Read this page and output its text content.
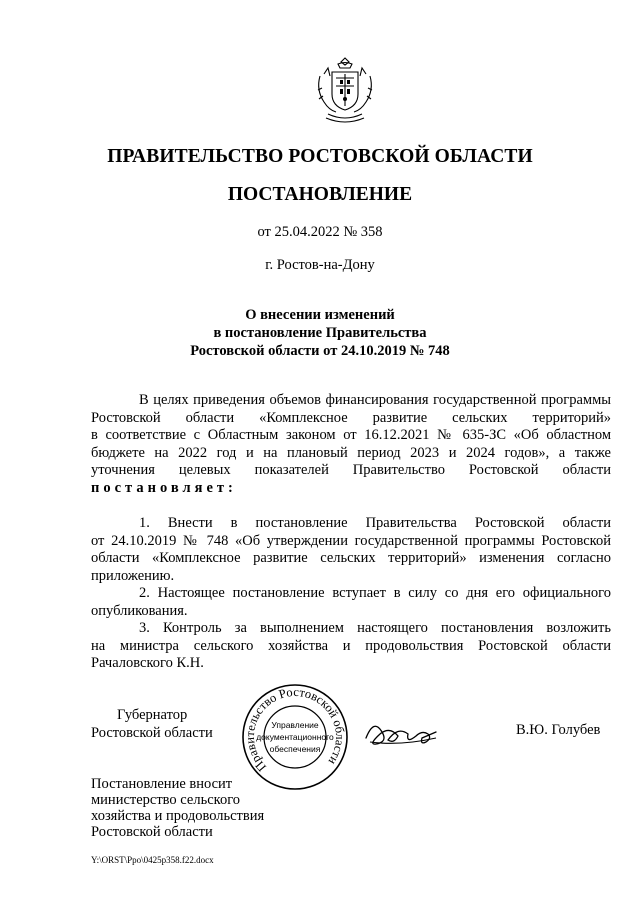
ПРАВИТЕЛЬСТВО РОСТОВСКОЙ ОБЛАСТИ
ПОСТАНОВЛЕНИЕ
от 25.04.2022 № 358
г. Ростов-на-Дону
О внесении изменений
в постановление Правительства
Ростовской области от 24.10.2019 № 748
В целях приведения объемов финансирования государственной программы
Ростовской области «Комплексное развитие сельских территорий»
в соответствие с Областным законом от 16.12.2021 № 635-ЗС «Об областном
бюджете на 2022 год и на плановый период 2023 и 2024 годов», а также
уточнения целевых показателей Правительство Ростовской области
постановляет:
1. Внести в постановление Правительства Ростовской области
от 24.10.2019 № 748 «Об утверждении государственной программы Ростовской
области «Комплексное развитие сельских территорий» изменения согласно
приложению.
2. Настоящее постановление вступает в силу со дня его официального
опубликования.
3. Контроль за выполнением настоящего постановления возложить
на министра сельского хозяйства и продовольствия Ростовской области
Рачаловского К.Н.
Правительство Ростовской области
Управление
документационного
обеспечения
Губернатор
Ростовской области	В.Ю. Голубев
Постановление вносит
министерство сельского
хозяйства и продовольствия
Ростовской области
Y:\ORST\Ppo\0425p358.f22.docx
